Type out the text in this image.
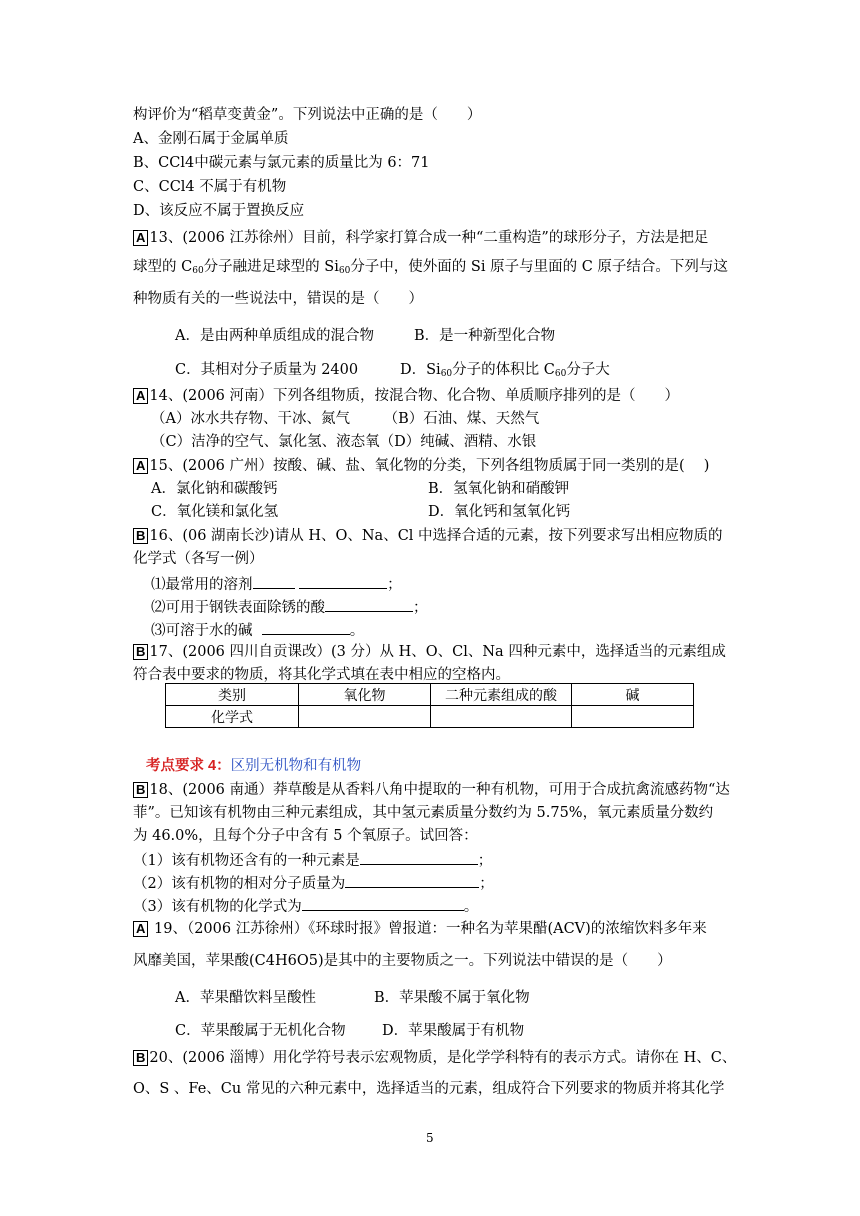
构评价为“稻草变黄金”。下列说法中正确的是（　　）
A、金刚石属于金属单质
B、CCl4中碳元素与氯元素的质量比为 6：71
C、CCl4 不属于有机物
D、该反应不属于置换反应
A 13、(2006 江苏徐州）目前，科学家打算合成一种“二重构造”的球形分子，方法是把足
球型的 $C_{60}$分子融进足球型的 $Si_{60}$分子中，使外面的 Si 原子与里面的 C 原子结合。下列与这
种物质有关的一些说法中，错误的是（　　）
A．是由两种单质组成的混合物	B．是一种新型化合物
C．其相对分子质量为 2400	D．$Si_{60}$分子的体积比 $C_{60}$分子大
A 14、(2006 河南）下列各组物质，按混合物、化合物、单质顺序排列的是（　　）
（A）冰水共存物、干冰、氮气　　 （B）石油、煤、天然气
（C）洁净的空气、氯化氢、液态氧（D）纯碱、酒精、水银
A 15、(2006 广州）按酸、碱、盐、氧化物的分类，下列各组物质属于同一类别的是(　 )
A．氯化钠和碳酸钙	B．氢氧化钠和硝酸钾
C．氧化镁和氯化氢	D．氧化钙和氢氧化钙
B 16、(06 湖南长沙)请从 H、O、Na、Cl 中选择合适的元素，按下列要求写出相应物质的
化学式（各写一例）
⑴最常用的溶剂	；
⑵可用于钢铁表面除锈的酸	；
⑶可溶于水的碱	。
B 17、(2006 四川自贡课改）(3 分）从 H、O、Cl、Na 四种元素中，选择适当的元素组成
符合表中要求的物质，将其化学式填在表中相应的空格内。
类别	氧化物	二种元素组成的酸	碱
化学式			
考点要求 4：区别无机物和有机物
B 18、(2006 南通）莽草酸是从香料八角中提取的一种有机物，可用于合成抗禽流感药物“达
菲”。已知该有机物由三种元素组成，其中氢元素质量分数约为 5.75%，氧元素质量分数约
为 46.0%，且每个分子中含有 5 个氧原子。试回答：
（1）该有机物还含有的一种元素是	；
（2）该有机物的相对分子质量为	；
（3）该有机物的化学式为	。
A 19、（2006 江苏徐州）《环球时报》曾报道：一种名为苹果醋(ACV)的浓缩饮料多年来
风靡美国，苹果酸(C4H6O5)是其中的主要物质之一。下列说法中错误的是（　　）
A．苹果醋饮料呈酸性	B．苹果酸不属于氧化物
C．苹果酸属于无机化合物	D．苹果酸属于有机物
B 20、(2006 淄博）用化学符号表示宏观物质，是化学学科特有的表示方式。请你在 H、C、
O、S 、Fe、Cu 常见的六种元素中，选择适当的元素，组成符合下列要求的物质并将其化学
5
